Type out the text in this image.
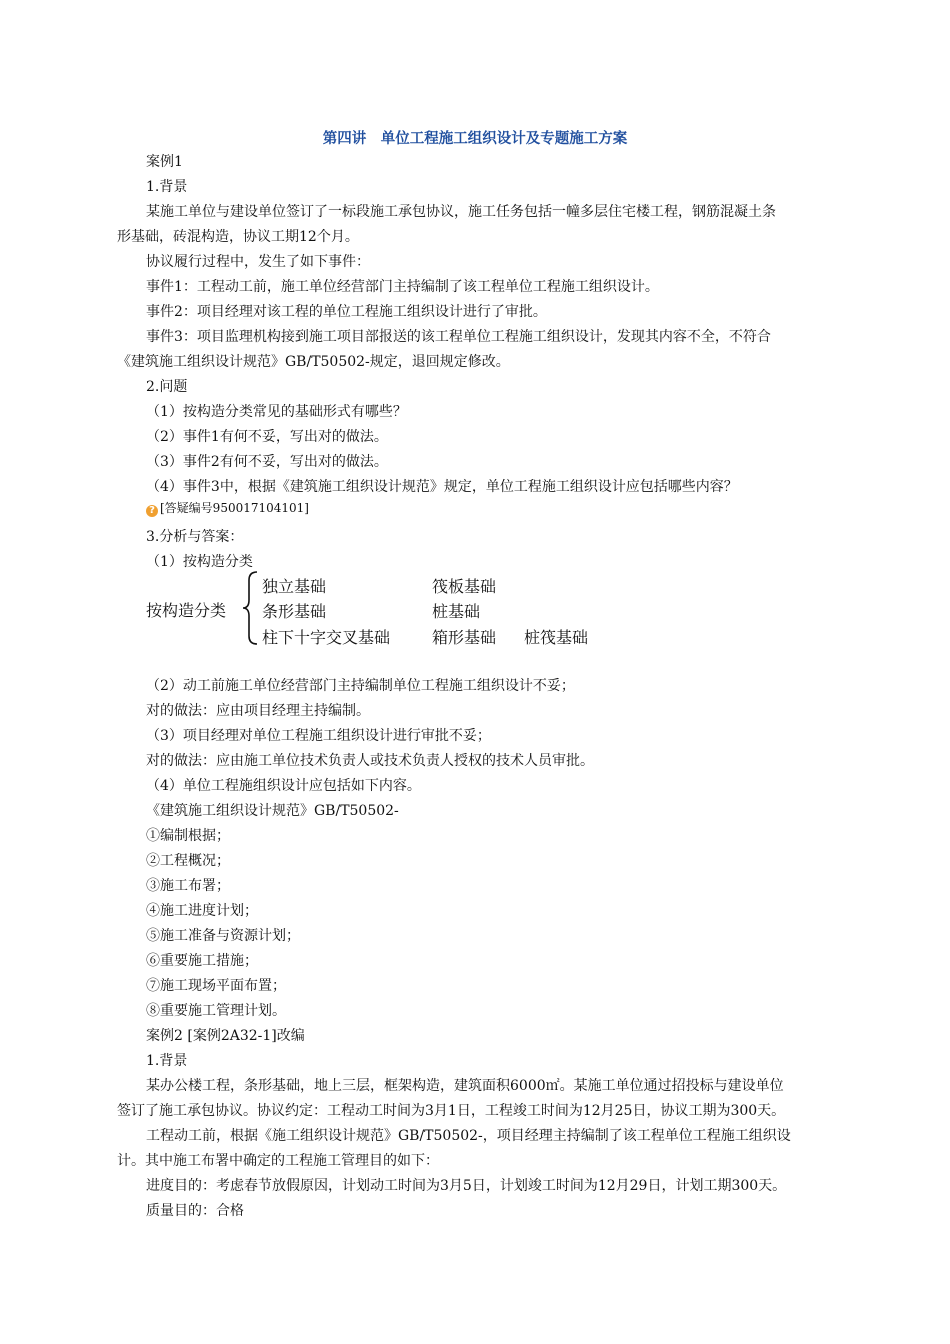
第四讲　单位工程施工组织设计及专题施工方案
案例1
1.背景
某施工单位与建设单位签订了一标段施工承包协议，施工任务包括一幢多层住宅楼工程，钢筋混凝土条
形基础，砖混构造，协议工期12个月。
协议履行过程中，发生了如下事件：
事件1：工程动工前，施工单位经营部门主持编制了该工程单位工程施工组织设计。
事件2：项目经理对该工程的单位工程施工组织设计进行了审批。
事件3：项目监理机构接到施工项目部报送的该工程单位工程施工组织设计，发现其内容不全，不符合
《建筑施工组织设计规范》GB/T50502-规定，退回规定修改。
2.问题
（1）按构造分类常见的基础形式有哪些？
（2）事件1有何不妥，写出对的做法。
（3）事件2有何不妥，写出对的做法。
（4）事件3中，根据《建筑施工组织设计规范》规定，单位工程施工组织设计应包括哪些内容？
? [答疑编号950017104101]
3.分析与答案：
（1）按构造分类
按构造分类
独立基础	筏板基础
条形基础	桩基础
柱下十字交叉基础	箱形基础 桩筏基础
（2）动工前施工单位经营部门主持编制单位工程施工组织设计不妥；
对的做法：应由项目经理主持编制。
（3）项目经理对单位工程施工组织设计进行审批不妥；
对的做法：应由施工单位技术负责人或技术负责人授权的技术人员审批。
（4）单位工程施组织设计应包括如下内容。
《建筑施工组织设计规范》GB/T50502-
①编制根据；
②工程概况；
③施工布署；
④施工进度计划；
⑤施工准备与资源计划；
⑥重要施工措施；
⑦施工现场平面布置；
⑧重要施工管理计划。
案例2 [案例2A32-1]改编
1.背景
某办公楼工程，条形基础，地上三层，框架构造，建筑面积6000㎡。某施工单位通过招投标与建设单位
签订了施工承包协议。协议约定：工程动工时间为3月1日，工程竣工时间为12月25日，协议工期为300天。
工程动工前，根据《施工组织设计规范》GB/T50502-，项目经理主持编制了该工程单位工程施工组织设
计。其中施工布署中确定的工程施工管理目的如下：
进度目的：考虑春节放假原因，计划动工时间为3月5日，计划竣工时间为12月29日，计划工期300天。
质量目的：合格
